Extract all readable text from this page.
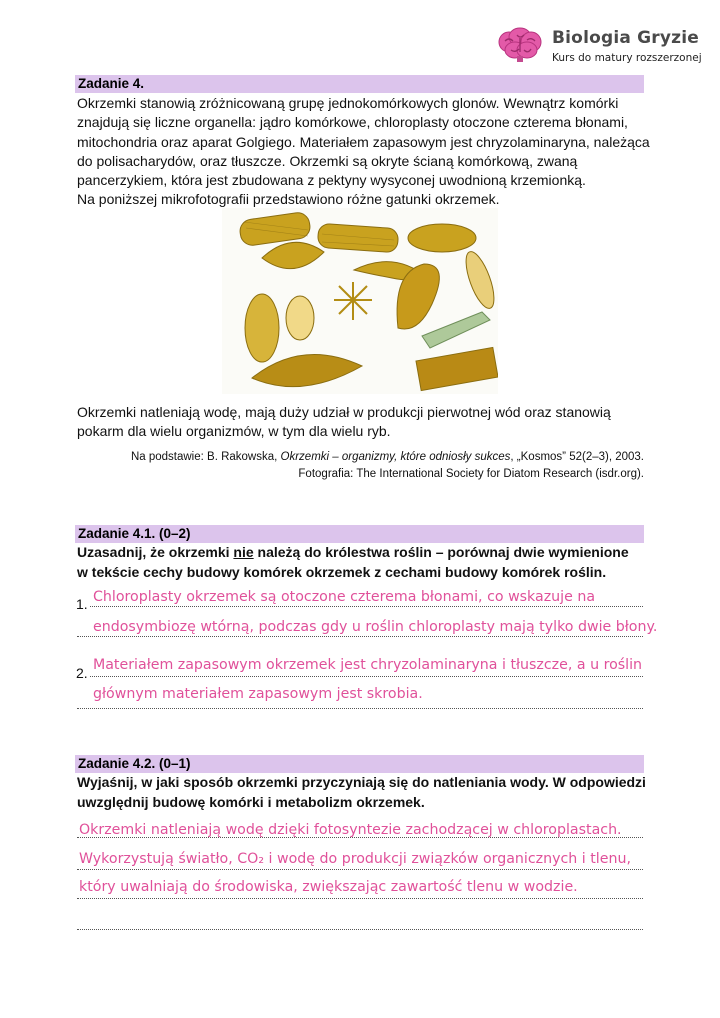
Biologia Gryzie
Kurs do matury rozszerzonej
Zadanie 4.
Okrzemki stanowią zróżnicowaną grupę jednokomórkowych glonów. Wewnątrz komórki
znajdują się liczne organella: jądro komórkowe, chloroplasty otoczone czterema błonami,
mitochondria oraz aparat Golgiego. Materiałem zapasowym jest chryzolaminaryna, należąca
do polisacharydów, oraz tłuszcze. Okrzemki są okryte ścianą komórkową, zwaną
pancerzykiem, która jest zbudowana z pektyny wysyconej uwodnioną krzemionką.
Na poniższej mikrofotografii przedstawiono różne gatunki okrzemek.
Okrzemki natleniają wodę, mają duży udział w produkcji pierwotnej wód oraz stanowią
pokarm dla wielu organizmów, w tym dla wielu ryb.
Na podstawie: B. Rakowska, Okrzemki – organizmy, które odniosły sukces, „Kosmos” 52(2–3), 2003.
Fotografia: The International Society for Diatom Research (isdr.org).
Zadanie 4.1. (0–2)
Uzasadnij, że okrzemki nie należą do królestwa roślin – porównaj dwie wymienione
w tekście cechy budowy komórek okrzemek z cechami budowy komórek roślin.
1. Chloroplasty okrzemek są otoczone czterema błonami, co wskazuje na
endosymbiozę wtórną, podczas gdy u roślin chloroplasty mają tylko dwie błony.
2. Materiałem zapasowym okrzemek jest chryzolaminaryna i tłuszcze, a u roślin
głównym materiałem zapasowym jest skrobia.
Zadanie 4.2. (0–1)
Wyjaśnij, w jaki sposób okrzemki przyczyniają się do natleniania wody. W odpowiedzi
uwzględnij budowę komórki i metabolizm okrzemek.
Okrzemki natleniają wodę dzięki fotosyntezie zachodzącej w chloroplastach.
Wykorzystują światło, CO₂ i wodę do produkcji związków organicznych i tlenu,
który uwalniają do środowiska, zwiększając zawartość tlenu w wodzie.
